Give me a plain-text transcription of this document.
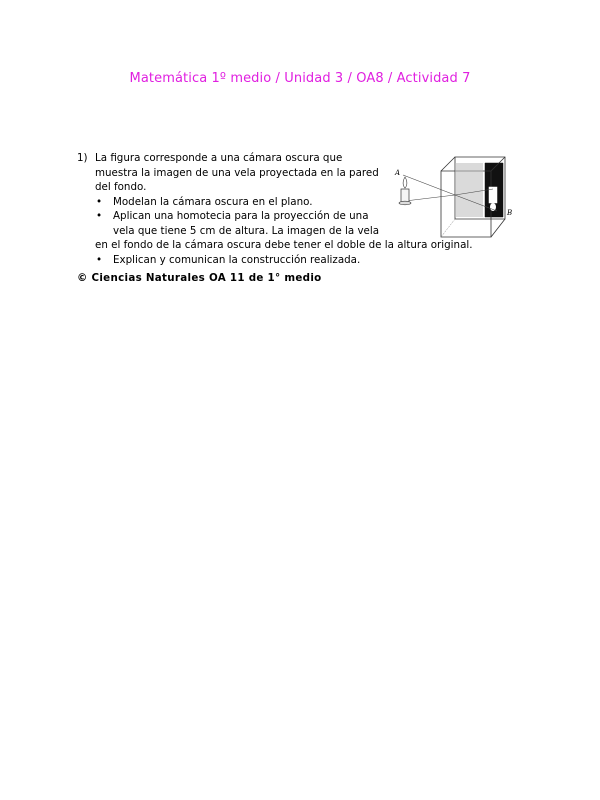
Matemática 1º medio / Unidad 3 / OA8 / Actividad 7
1) La figura corresponde a una cámara oscura que muestra la imagen de una vela proyectada en la pared del fondo.
• Modelan la cámara oscura en el plano.
• Aplican una homotecia para la proyección de una vela que tiene 5 cm de altura. La imagen de la vela
en el fondo de la cámara oscura debe tener el doble de la altura original.
• Explican y comunican la construcción realizada.
© Ciencias Naturales OA 11 de 1° medio
A
B
